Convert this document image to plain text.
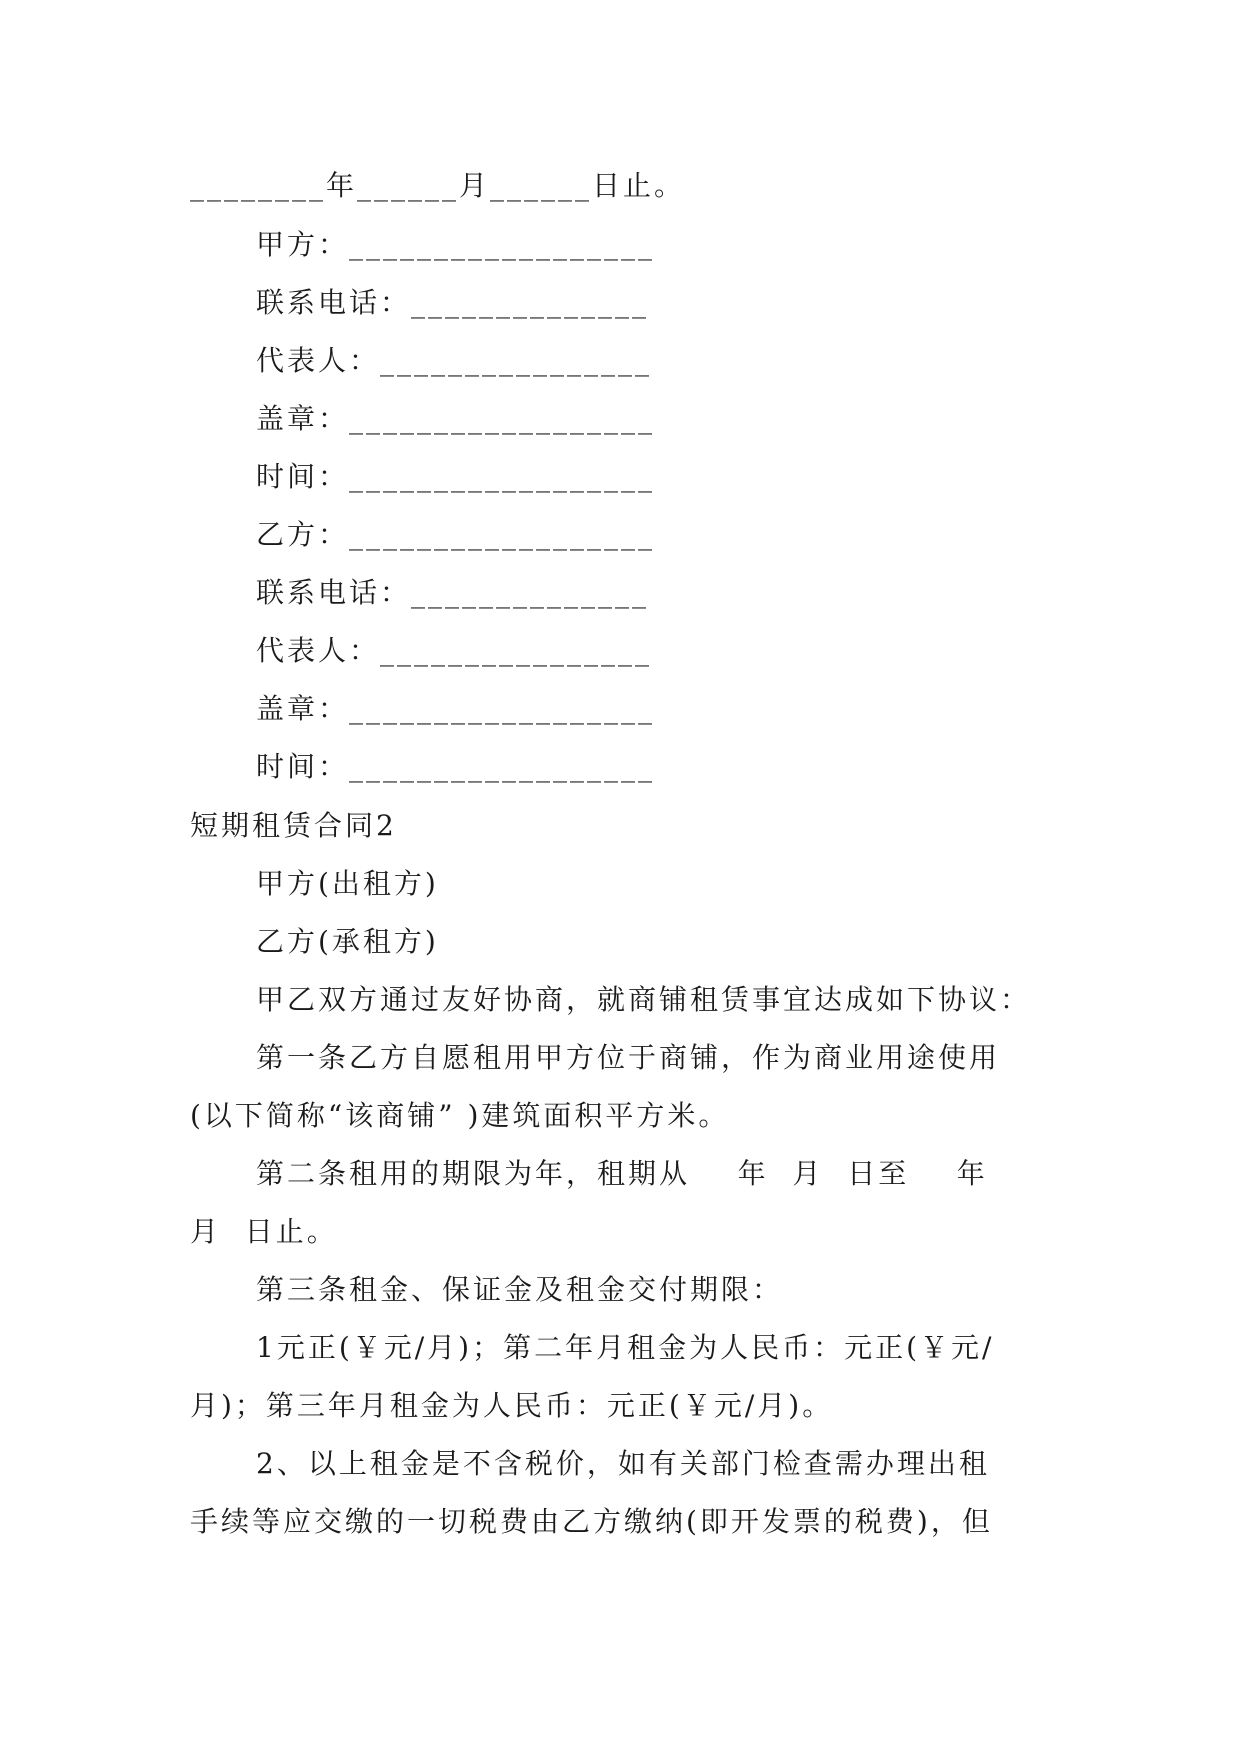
________年______月______日止。
甲方：__________________
联系电话：______________
代表人：________________
盖章：__________________
时间：__________________
乙方：__________________
联系电话：______________
代表人：________________
盖章：__________________
时间：__________________
短期租赁合同2
甲方(出租方)
乙方(承租方)
甲乙双方通过友好协商，就商铺租赁事宜达成如下协议：
第一条乙方自愿租用甲方位于商铺，作为商业用途使用
(以下简称“该商铺” )建筑面积平方米。
第二条租用的期限为年，租期从    年  月  日至    年
月  日止。
第三条租金、保证金及租金交付期限：
1元正(￥元/月)；第二年月租金为人民币：元正(￥元/
月)；第三年月租金为人民币：元正(￥元/月)。
2、以上租金是不含税价，如有关部门检查需办理出租
手续等应交缴的一切税费由乙方缴纳(即开发票的税费)，但
